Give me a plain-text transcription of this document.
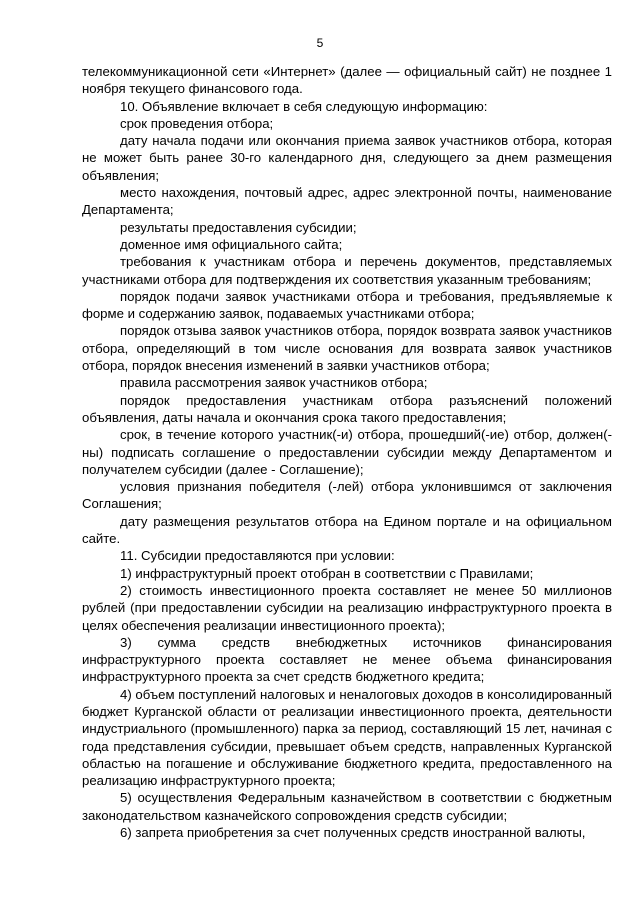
5

телекоммуникационной сети «Интернет» (далее — официальный сайт) не позднее 1 ноября текущего финансового года.

10. Объявление включает в себя следующую информацию:

срок проведения отбора;

дату начала подачи или окончания приема заявок участников отбора, которая не может быть ранее 30-го календарного дня, следующего за днем размещения объявления;

место нахождения, почтовый адрес, адрес электронной почты, наименование Департамента;

результаты предоставления субсидии;

доменное имя официального сайта;

требования к участникам отбора и перечень документов, представляемых участниками отбора для подтверждения их соответствия указанным требованиям;

порядок подачи заявок участниками отбора и требования, предъявляемые к форме и содержанию заявок, подаваемых участниками отбора;

порядок отзыва заявок участников отбора, порядок возврата заявок участников отбора, определяющий в том числе основания для возврата заявок участников отбора, порядок внесения изменений в заявки участников отбора;

правила рассмотрения заявок участников отбора;

порядок предоставления участникам отбора разъяснений положений объявления, даты начала и окончания срока такого предоставления;

срок, в течение которого участник(-и) отбора, прошедший(-ие) отбор, должен(-ны) подписать соглашение о предоставлении субсидии между Департаментом и получателем субсидии (далее - Соглашение);

условия признания победителя (-лей) отбора уклонившимся от заключения Соглашения;

дату размещения результатов отбора на Едином портале и на официальном сайте.

11. Субсидии предоставляются при условии:

1) инфраструктурный проект отобран в соответствии с Правилами;

2) стоимость инвестиционного проекта составляет не менее 50 миллионов рублей (при предоставлении субсидии на реализацию инфраструктурного проекта в целях обеспечения реализации инвестиционного проекта);

3) сумма средств внебюджетных источников финансирования инфраструктурного проекта составляет не менее объема финансирования инфраструктурного проекта за счет средств бюджетного кредита;

4) объем поступлений налоговых и неналоговых доходов в консолидированный бюджет Курганской области от реализации инвестиционного проекта, деятельности индустриального (промышленного) парка за период, составляющий 15 лет, начиная с года представления субсидии, превышает объем средств, направленных Курганской областью на погашение и обслуживание бюджетного кредита, предоставленного на реализацию инфраструктурного проекта;

5) осуществления Федеральным казначейством в соответствии с бюджетным законодательством казначейского сопровождения средств субсидии;

6) запрета приобретения за счет полученных средств иностранной валюты,
